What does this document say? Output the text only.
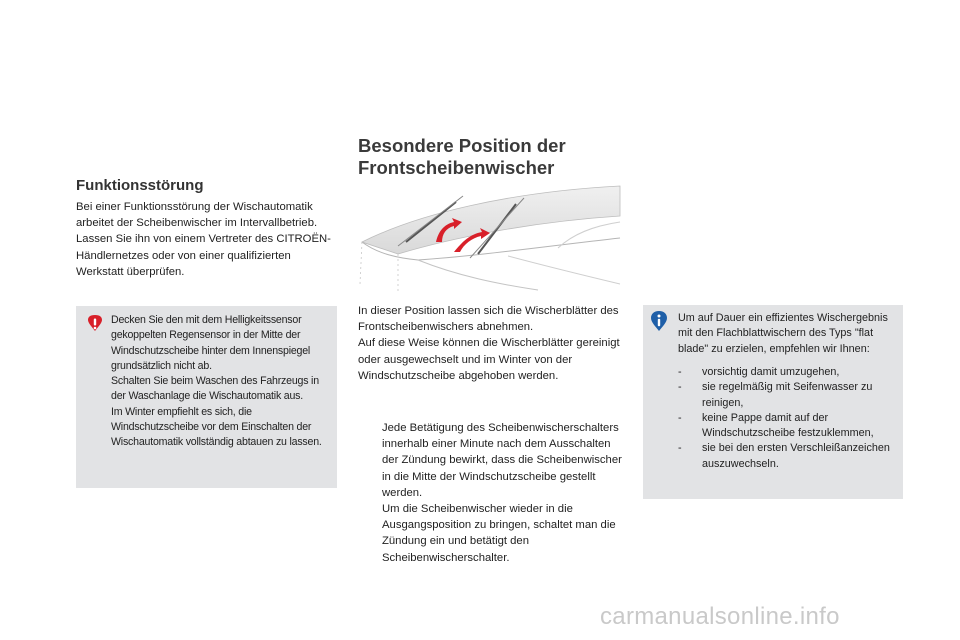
Funktionsstörung

Bei einer Funktionsstörung der Wischautomatik arbeitet der Scheibenwischer im Intervallbetrieb.
Lassen Sie ihn von einem Vertreter des CITROËN-Händlernetzes oder von einer qualifizierten Werkstatt überprüfen.

Decken Sie den mit dem Helligkeitssensor gekoppelten Regensensor in der Mitte der Windschutzscheibe hinter dem Innenspiegel grundsätzlich nicht ab.
Schalten Sie beim Waschen des Fahrzeugs in der Waschanlage die Wischautomatik aus.
Im Winter empfiehlt es sich, die Windschutzscheibe vor dem Einschalten der Wischautomatik vollständig abtauen zu lassen.

Besondere Position der Frontscheibenwischer

In dieser Position lassen sich die Wischerblätter des Frontscheibenwischers abnehmen.
Auf diese Weise können die Wischerblätter gereinigt oder ausgewechselt und im Winter von der Windschutzscheibe abgehoben werden.

Jede Betätigung des Scheibenwischerschalters innerhalb einer Minute nach dem Ausschalten der Zündung bewirkt, dass die Scheibenwischer in die Mitte der Windschutzscheibe gestellt werden.
Um die Scheibenwischer wieder in die Ausgangsposition zu bringen, schaltet man die Zündung ein und betätigt den Scheibenwischerschalter.

Um auf Dauer ein effizientes Wischergebnis mit den Flachblattwischern des Typs "flat blade" zu erzielen, empfehlen wir Ihnen:

- vorsichtig damit umzugehen,
- sie regelmäßig mit Seifenwasser zu reinigen,
- keine Pappe damit auf der Windschutzscheibe festzuklemmen,
- sie bei den ersten Verschleißanzeichen auszuwechseln.
carmanualsonline.info
